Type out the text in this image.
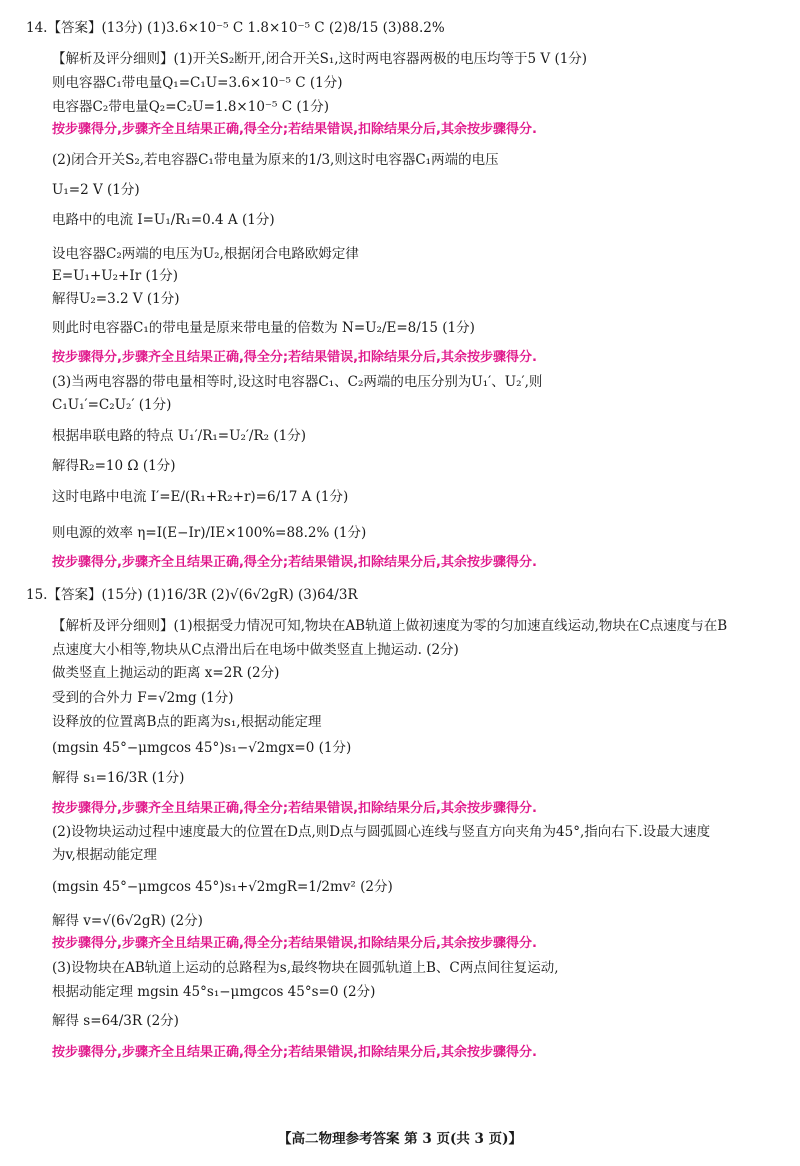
14.【答案】(13分) (1)3.6×10⁻⁵ C 1.8×10⁻⁵ C (2)8/15 (3)88.2%
【解析及评分细则】(1)开关S₂断开,闭合开关S₁,这时两电容器两极的电压均等于5 V (1分)
则电容器C₁带电量Q₁=C₁U=3.6×10⁻⁵ C (1分)
电容器C₂带电量Q₂=C₂U=1.8×10⁻⁵ C (1分)
按步骤得分,步骤齐全且结果正确,得全分;若结果错误,扣除结果分后,其余按步骤得分.
(2)闭合开关S₂,若电容器C₁带电量为原来的1/3,则这时电容器C₁两端的电压
U₁=2 V (1分)
电路中的电流 I=U₁/R₁=0.4 A (1分)
设电容器C₂两端的电压为U₂,根据闭合电路欧姆定律
E=U₁+U₂+Ir (1分)
解得U₂=3.2 V (1分)
则此时电容器C₁的带电量是原来带电量的倍数为 N=U₂/E=8/15 (1分)
按步骤得分,步骤齐全且结果正确,得全分;若结果错误,扣除结果分后,其余按步骤得分.
(3)当两电容器的带电量相等时,设这时电容器C₁、C₂两端的电压分别为U₁′、U₂′,则
C₁U₁′=C₂U₂′ (1分)
根据串联电路的特点 U₁′/R₁=U₂′/R₂ (1分)
解得R₂=10 Ω (1分)
这时电路中电流 I′=E/(R₁+R₂+r)=6/17 A (1分)
则电源的效率 η=I(E−Ir)/IE×100%=88.2% (1分)
按步骤得分,步骤齐全且结果正确,得全分;若结果错误,扣除结果分后,其余按步骤得分.
15.【答案】(15分) (1)16/3R (2)√(6√2gR) (3)64/3R
【解析及评分细则】(1)根据受力情况可知,物块在AB轨道上做初速度为零的匀加速直线运动,物块在C点速度与在B
点速度大小相等,物块从C点滑出后在电场中做类竖直上抛运动. (2分)
做类竖直上抛运动的距离 x=2R (2分)
受到的合外力 F=√2mg (1分)
设释放的位置离B点的距离为s₁,根据动能定理
(mgsin 45°−μmgcos 45°)s₁−√2mgx=0 (1分)
解得 s₁=16/3R (1分)
按步骤得分,步骤齐全且结果正确,得全分;若结果错误,扣除结果分后,其余按步骤得分.
(2)设物块运动过程中速度最大的位置在D点,则D点与圆弧圆心连线与竖直方向夹角为45°,指向右下.设最大速度
为v,根据动能定理
(mgsin 45°−μmgcos 45°)s₁+√2mgR=1/2mv² (2分)
解得 v=√(6√2gR) (2分)
按步骤得分,步骤齐全且结果正确,得全分;若结果错误,扣除结果分后,其余按步骤得分.
(3)设物块在AB轨道上运动的总路程为s,最终物块在圆弧轨道上B、C两点间往复运动,
根据动能定理 mgsin 45°s₁−μmgcos 45°s=0 (2分)
解得 s=64/3R (2分)
按步骤得分,步骤齐全且结果正确,得全分;若结果错误,扣除结果分后,其余按步骤得分.
【高二物理参考答案 第 3 页(共 3 页)】
